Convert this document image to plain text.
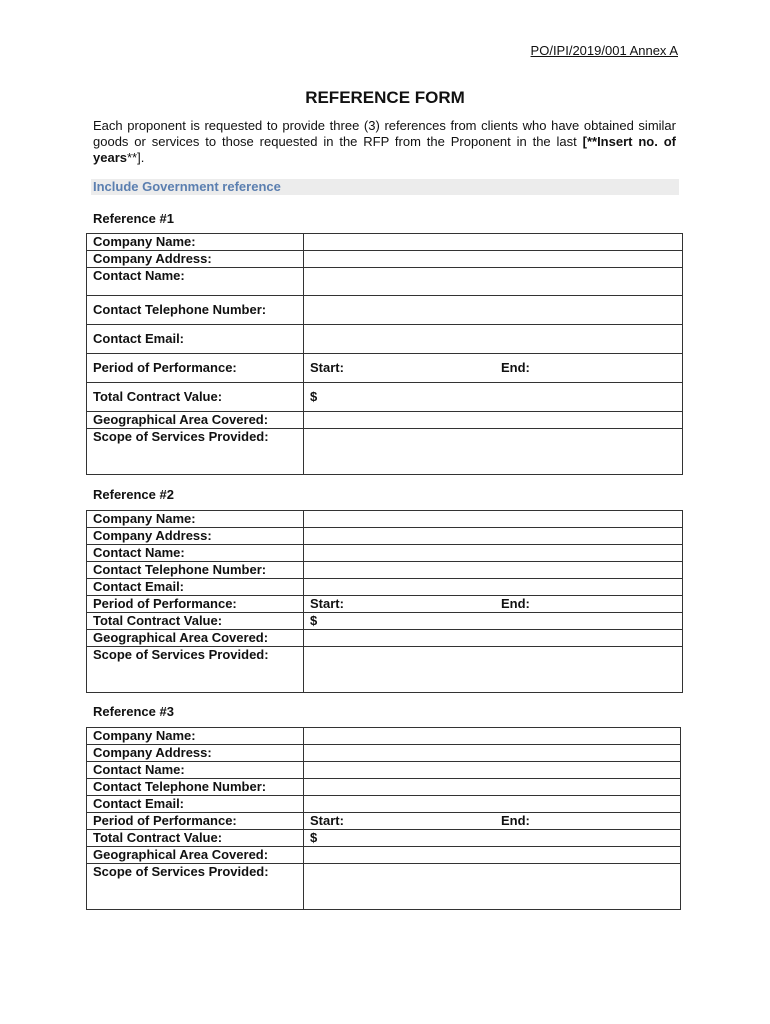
PO/IPI/2019/001 Annex A
REFERENCE FORM
Each proponent is requested to provide three (3) references from clients who have obtained similar goods or services to those requested in the RFP from the Proponent in the last [**Insert no. of years**].
Include Government reference
Reference #1
Company Name:	
Company Address:	
Contact Name:	
Contact Telephone Number:	
Contact Email:	
Period of Performance:	Start: End:

Total Contract Value:	$
Geographical Area Covered:	
Scope of Services Provided:	
Reference #2
Company Name:	
Company Address:	
Contact Name:	
Contact Telephone Number:	
Contact Email:	
Period of Performance:	Start: End:

Total Contract Value:	$
Geographical Area Covered:	
Scope of Services Provided:	
Reference #3
Company Name:	
Company Address:	
Contact Name:	
Contact Telephone Number:	
Contact Email:	
Period of Performance:	Start: End:

Total Contract Value:	$
Geographical Area Covered:	
Scope of Services Provided:	
